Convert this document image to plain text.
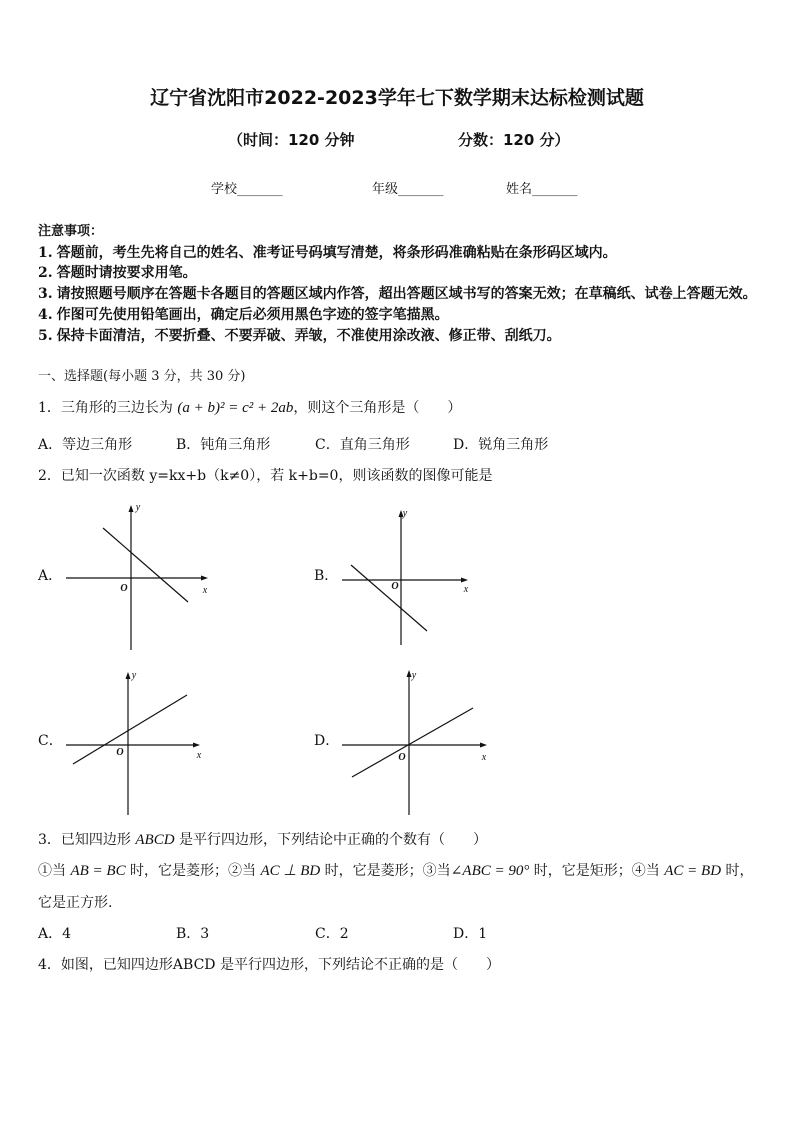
辽宁省沈阳市2022-2023学年七下数学期末达标检测试题
（时间：120 分钟	分数：120 分）
学校_______	年级_______	姓名_______
注意事项：
1. 答题前，考生先将自己的姓名、准考证号码填写清楚，将条形码准确粘贴在条形码区域内。
2. 答题时请按要求用笔。
3. 请按照题号顺序在答题卡各题目的答题区域内作答，超出答题区域书写的答案无效；在草稿纸、试卷上答题无效。
4. 作图可先使用铅笔画出，确定后必须用黑色字迹的签字笔描黑。
5. 保持卡面清洁，不要折叠、不要弄破、弄皱，不准使用涂改液、修正带、刮纸刀。
一、选择题(每小题 3 分，共 30 分)
1．三角形的三边长为 (a + b)² = c² + 2ab，则这个三角形是（　　）
A．等边三角形	B．钝角三角形	C．直角三角形	D．锐角三角形
2．已知一次函数 y=kx+b（k≠0），若 k+b=0，则该函数的图像可能是
A．	B．
C．	D．
O	x
y
O	x
y
O	x
y
O	x
y
3．已知四边形 ABCD 是平行四边形，下列结论中正确的个数有（　　）
①当 AB = BC 时，它是菱形；②当 AC ⊥ BD 时，它是菱形；③当∠ABC = 90° 时，它是矩形；④当 AC = BD 时，
它是正方形.
A．4	B．3	C．2	D．1
4．如图，已知四边形ABCD 是平行四边形，下列结论不正确的是（　　）
